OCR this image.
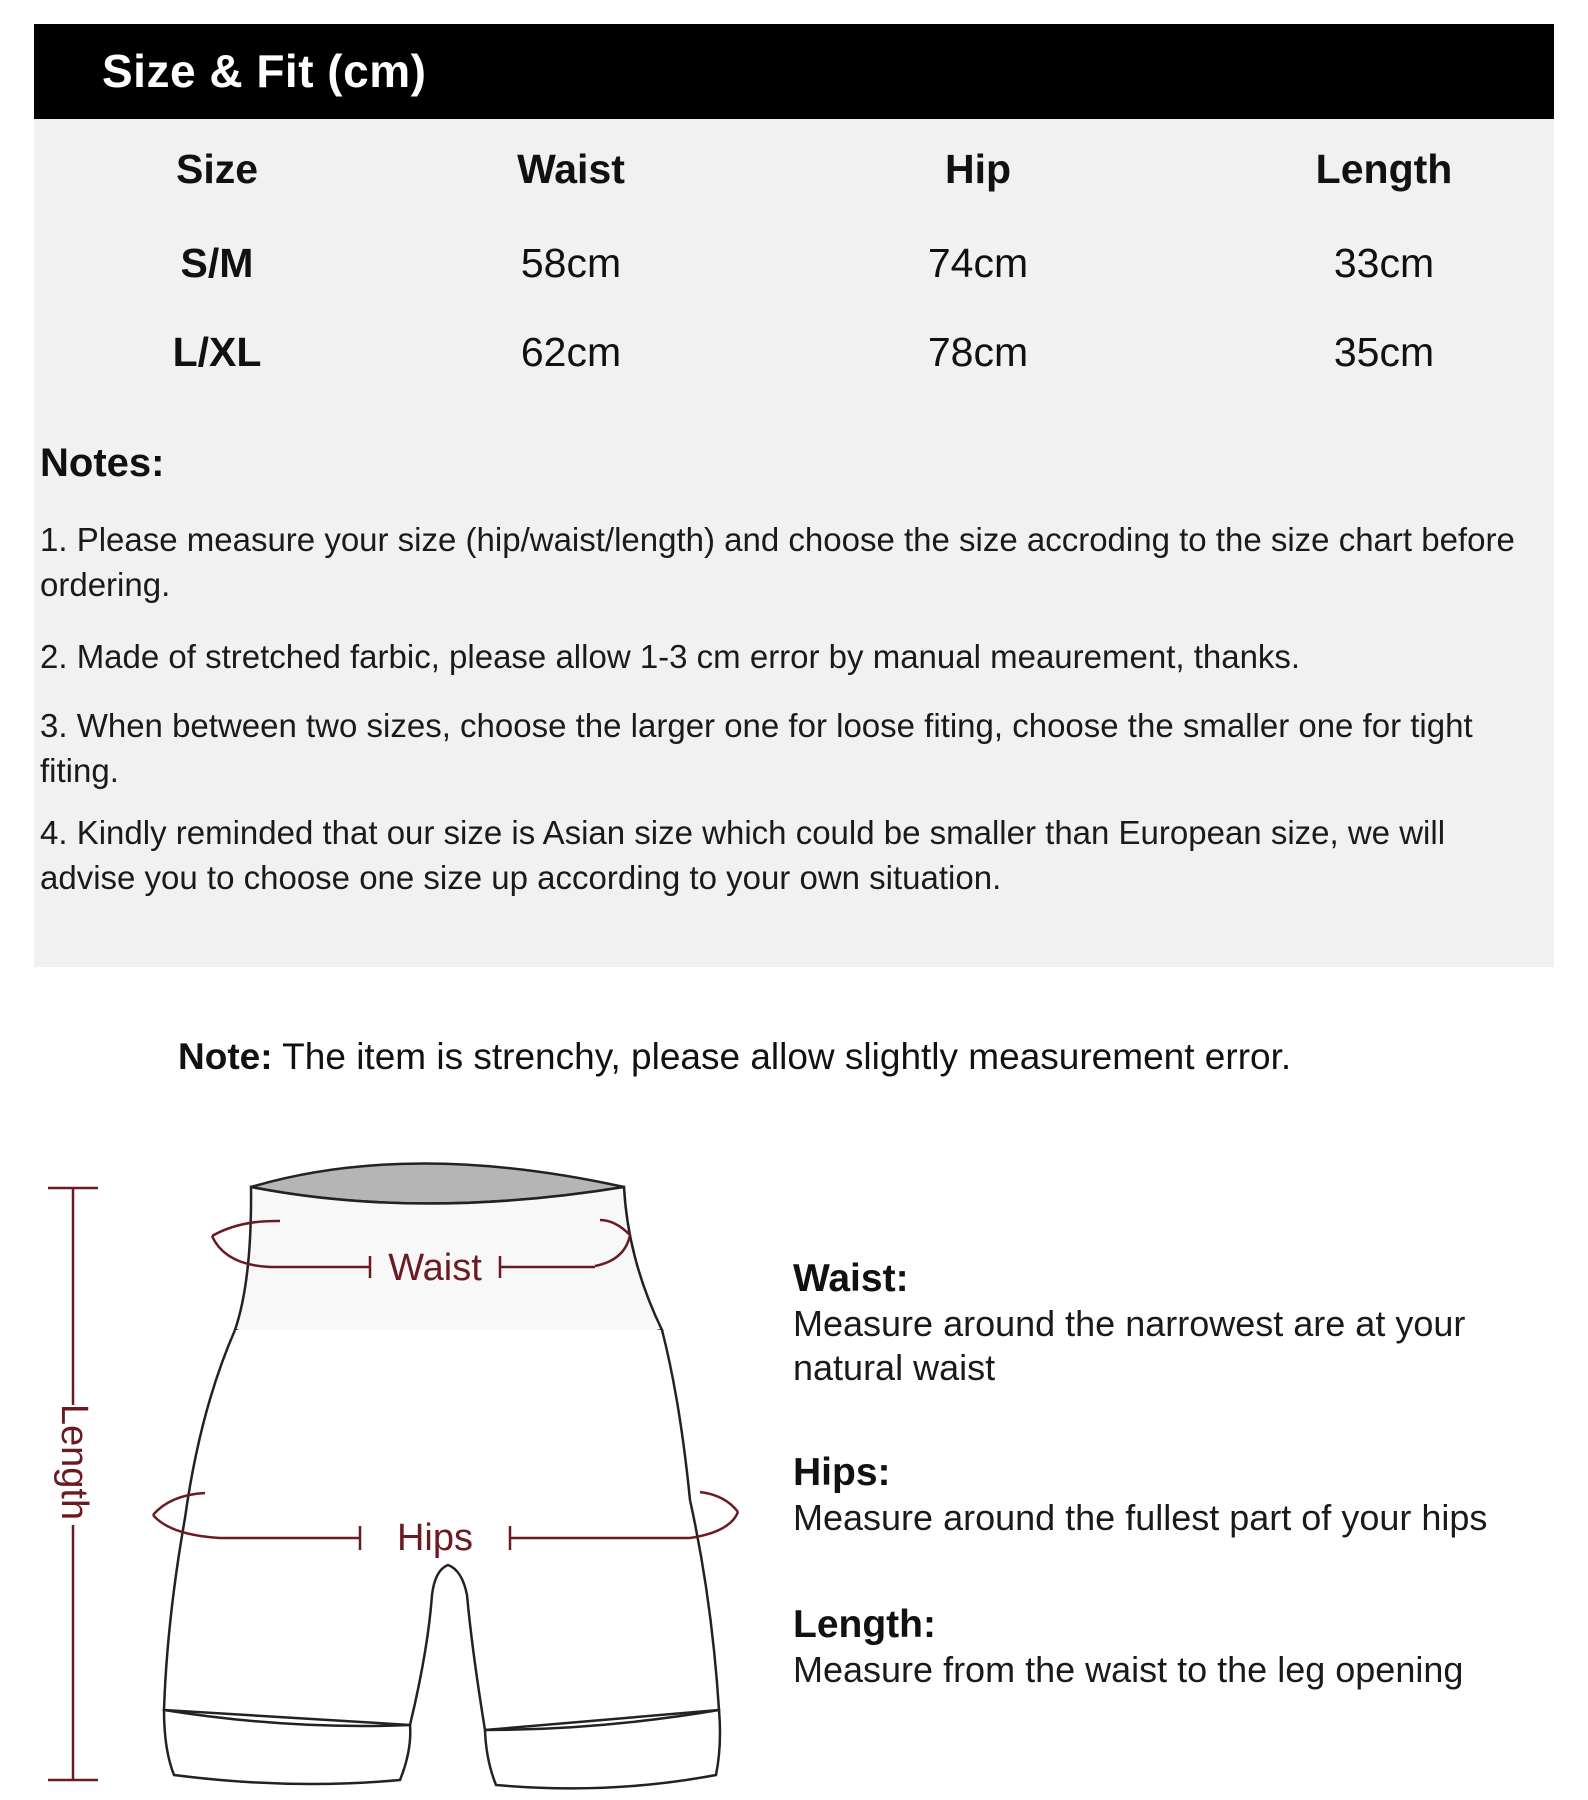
Size & Fit (cm)
Size	Waist	Hip	Length
S/M	58cm	74cm	33cm
L/XL	62cm	78cm	35cm
Notes:
1. Please measure your size (hip/waist/length) and choose the size accroding to the size chart before ordering.
2. Made of stretched farbic, please allow 1-3 cm error by manual meaurement, thanks.
3. When between two sizes, choose the larger one for loose fiting, choose the smaller one for tight fiting.
4. Kindly reminded that our size is Asian size which could be smaller than European size, we will advise you to choose one size up according to your own situation.
Note: The item is strenchy, please allow slightly measurement error.
Length
Waist
Hips
Waist:
Measure around the narrowest are at your natural waist
Hips:
Measure around the fullest part of your hips
Length:
Measure from the waist to the leg opening
